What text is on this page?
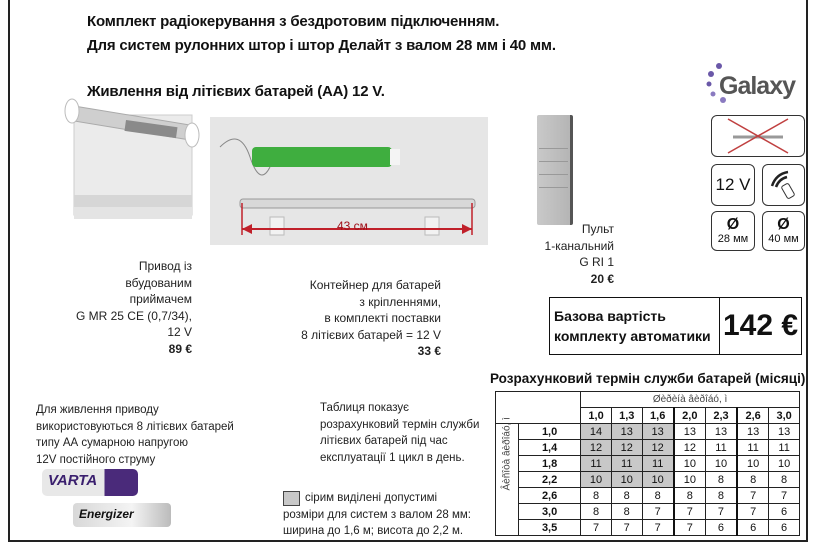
Комплект радіокерування з бездротовим підключенням.
Для систем рулонних штор і штор Делайт з валом 28 мм і 40 мм.
Живлення від літієвих батарей (АА) 12 V.
43 см
Galaxy
12 V
Ø
28 мм
Ø
40 мм
Привод із
вбудованим
приймачем
G MR 25 CE (0,7/34),
12 V
89 €
Контейнер для батарей
з кріпленнями,
в комплекті поставки
8 літієвих батарей = 12 V
33 €
Пульт
1-канальний
G RI 1
20 €
Базова вартість
комплекту автоматики 142 €
Розрахунковий термін служби батарей (місяці)
		Øèðèíà âèðîáó, ì						
		1,0	1,3	1,6	2,0	2,3	2,6	3,0

Âèñîòà âèðîáó, ì	1,0	14	13	13	13	13	13	13
	1,4	12	12	12	12	11	11	11
	1,8	11	11	11	10	10	10	10
	2,2	10	10	10	10	8	8	8
	2,6	8	8	8	8	8	7	7
	3,0	8	8	7	7	7	7	6
	3,5	7	7	7	7	6	6	6
Для живлення приводу
використовуються 8 літієвих батарей
типу АА сумарною напругою
12V постійного струму
VARTA
Energizer
Таблиця показує
розрахунковий термін служби
літієвих батарей під час
експлуатації 1 цикл в день.
сірим виділені допустимі
розміри для систем з валом 28 мм:
ширина до 1,6 м; висота до 2,2 м.
